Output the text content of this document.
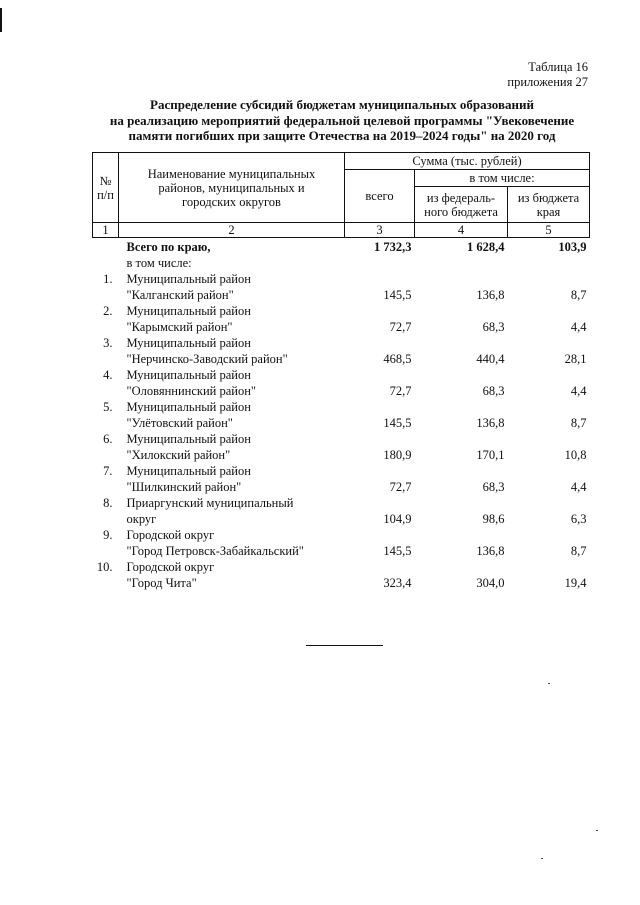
Таблица 16
приложения 27
Распределение субсидий бюджетам муниципальных образований
на реализацию мероприятий федеральной целевой программы "Увековечение
памяти погибших при защите Отечества на 2019–2024 годы" на 2020 год
№ п/п	Наименование муниципальных районов, муниципальных и городских округов	Сумма (тыс. рублей)		
		всего	в том числе:	
			из федераль- ного бюджета	из бюджета края
1	2	3	4	5
	Всего по краю,	1 732,3	1 628,4	103,9
	в том числе:			
1.	Муниципальный район			
	"Калганский район"	145,5	136,8	8,7
2.	Муниципальный район			
	"Карымский район"	72,7	68,3	4,4
3.	Муниципальный район			
	"Нерчинско-Заводский район"	468,5	440,4	28,1
4.	Муниципальный район			
	"Оловяннинский район"	72,7	68,3	4,4
5.	Муниципальный район			
	"Улётовский район"	145,5	136,8	8,7
6.	Муниципальный район			
	"Хилокский район"	180,9	170,1	10,8
7.	Муниципальный район			
	"Шилкинский район"	72,7	68,3	4,4
8.	Приаргунский муниципальный			
	округ	104,9	98,6	6,3
9.	Городской округ			
	"Город Петровск-Забайкальский"	145,5	136,8	8,7
10.	Городской округ			
	"Город Чита"	323,4	304,0	19,4
